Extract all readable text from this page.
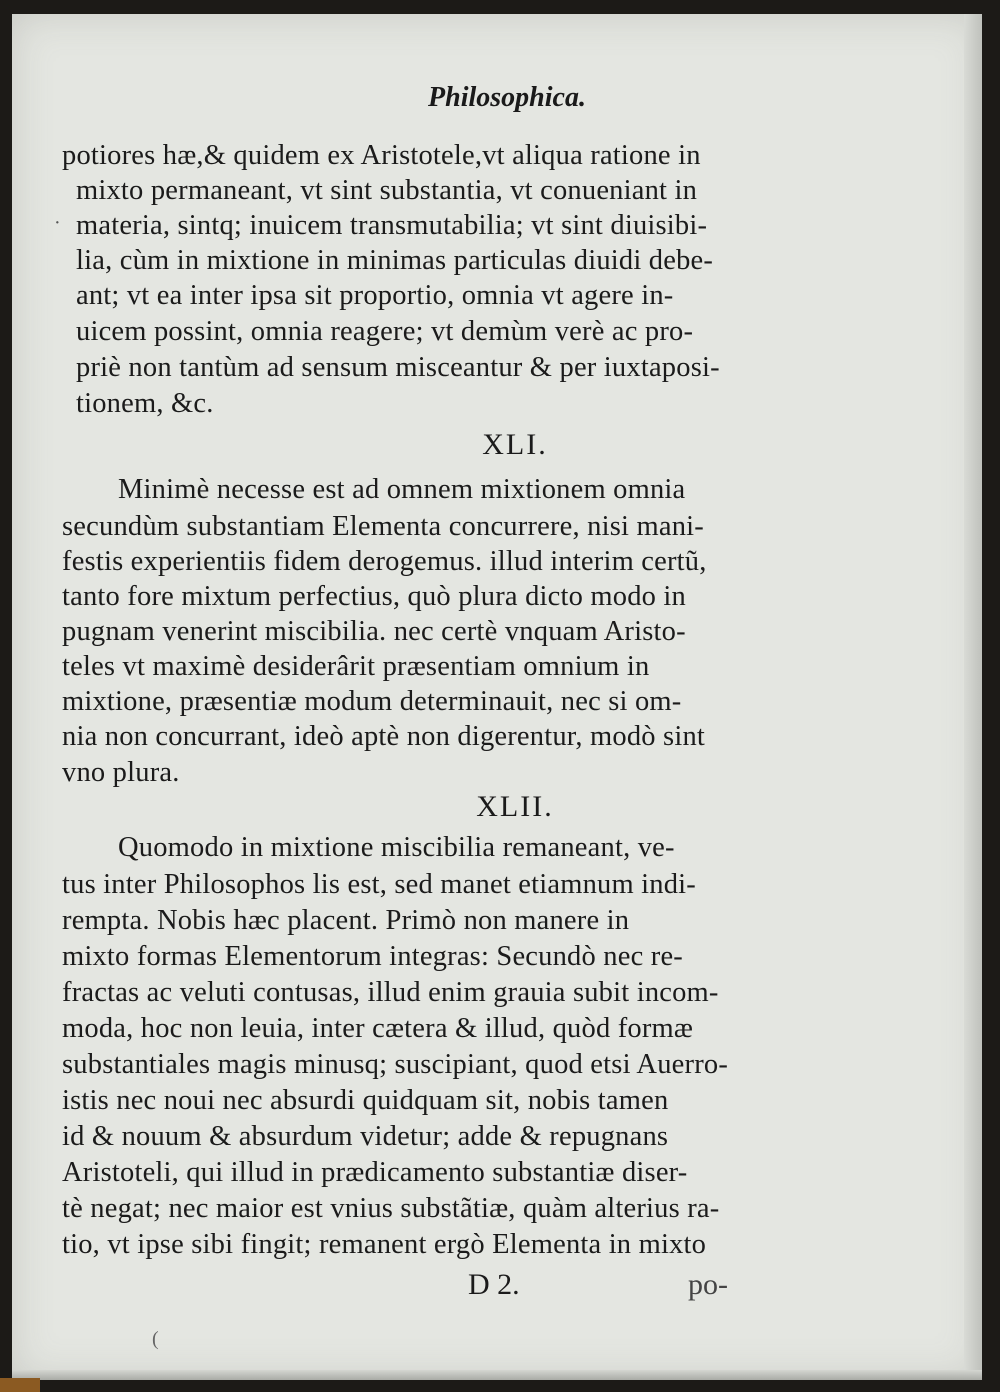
Philosophica.
·
potiores hæ,& quidem ex Aristotele,vt aliqua ratione in
mixto permaneant, vt sint substantia, vt conueniant in
materia, sintq; inuicem transmutabilia; vt sint diuisibi-
lia, cùm in mixtione in minimas particulas diuidi debe-
ant; vt ea inter ipsa sit proportio, omnia vt agere in-
uicem possint, omnia reagere; vt demùm verè ac pro-
priè non tantùm ad sensum misceantur & per iuxtaposi-
tionem, &c.
XLI.
Minimè necesse est ad omnem mixtionem omnia
secundùm substantiam Elementa concurrere, nisi mani-
festis experientiis fidem derogemus. illud interim certũ,
tanto fore mixtum perfectius, quò plura dicto modo in
pugnam venerint miscibilia. nec certè vnquam Aristo-
teles vt maximè desiderârit præsentiam omnium in
mixtione, præsentiæ modum determinauit, nec si om-
nia non concurrant, ideò aptè non digerentur, modò sint
vno plura.
XLII.
Quomodo in mixtione miscibilia remaneant, ve-
tus inter Philosophos lis est, sed manet etiamnum indi-
rempta. Nobis hæc placent. Primò non manere in
mixto formas Elementorum integras: Secundò nec re-
fractas ac veluti contusas, illud enim grauia subit incom-
moda, hoc non leuia, inter cætera & illud, quòd formæ
substantiales magis minusq; suscipiant, quod etsi Auerro-
istis nec noui nec absurdi quidquam sit, nobis tamen
id & nouum & absurdum videtur; adde & repugnans
Aristoteli, qui illud in prædicamento substantiæ diser-
tè negat; nec maior est vnius substãtiæ, quàm alterius ra-
tio, vt ipse sibi fingit; remanent ergò Elementa in mixto
D 2.	po-
(
